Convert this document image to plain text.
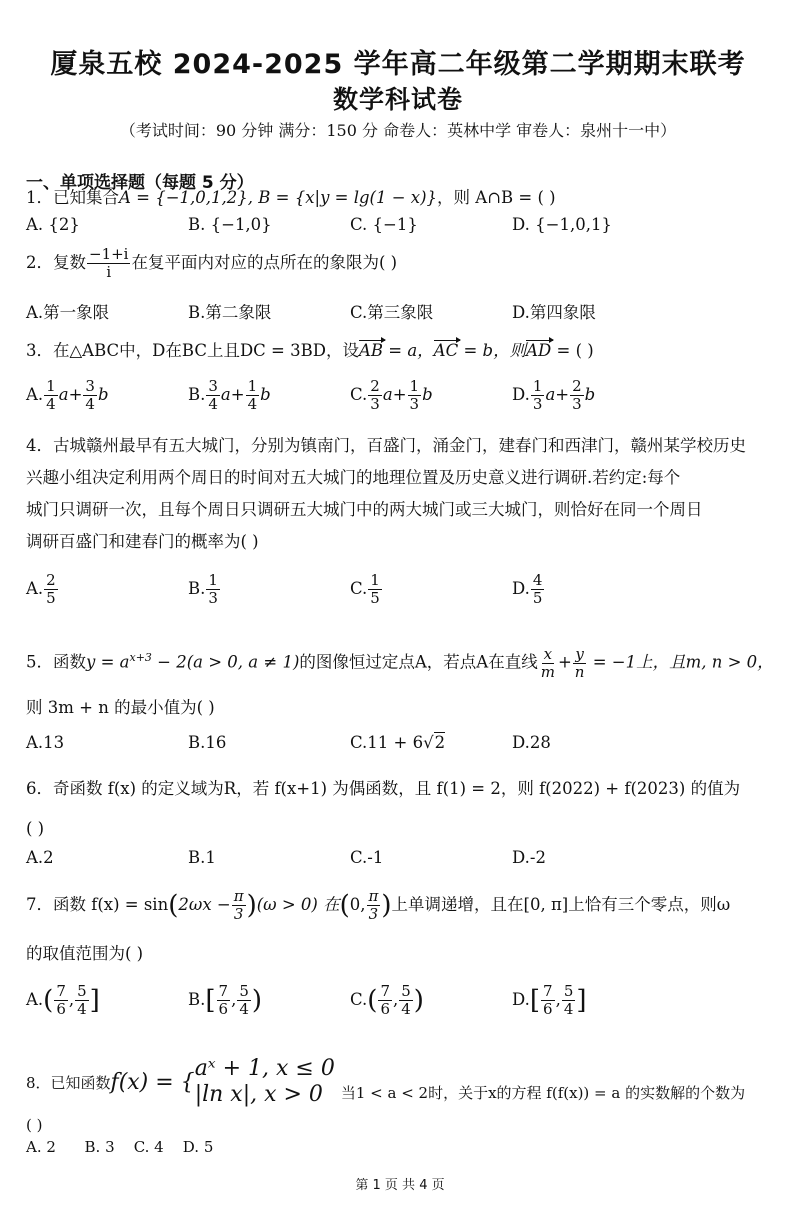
厦泉五校 2024-2025 学年高二年级第二学期期末联考
数学科试卷
（考试时间：90 分钟 满分：150 分 命卷人：英林中学 审卷人：泉州十一中）
一、单项选择题（每题 5 分）
1．已知集合A = {−1,0,1,2}, B = {x|y = lg(1 − x)}，则 A∩B = ( )
A. {2}	B. {−1,0}	C. {−1}	D. {−1,0,1}
2．复数 $\frac{-1+i}{i}$ 在复平面内对应的点所在的象限为( )
A.第一象限	B.第二象限	C.第三象限	D.第四象限
3．在△ABC中，D在BC上且DC = 3BD，设AB = a，AC = b，则AD = ( )
A. $\frac{1}{4} a+ \frac{3}{4}$ b	B. $\frac{3}{4} a+ \frac{1}{4}$ b	C. $\frac{2}{3} a+ \frac{1}{3}$ b	D. $\frac{1}{3} a+ \frac{2}{3}$ b
4．古城赣州最早有五大城门，分别为镇南门，百盛门，涌金门，建春门和西津门，赣州某学校历史
兴趣小组决定利用两个周日的时间对五大城门的地理位置及历史意义进行调研.若约定:每个
城门只调研一次，且每个周日只调研五大城门中的两大城门或三大城门，则恰好在同一个周日
调研百盛门和建春门的概率为( )
A. $\frac{2}{5}$	B. $\frac{1}{3}$	C. $\frac{1}{5}$	D. $\frac{4}{5}$
5．函数$y = a^{x+3} - 2(a > 0$, a ≠ 1)的图像恒过定点A，若点A在直线 $\frac{x}{m} + \frac{y}{n} = -1$上，且m, n > 0，
则 3m + n 的最小值为( )
A.13	B.16	C.11 + 6√2	D.28
6．奇函数 f(x) 的定义域为R，若 f(x+1) 为偶函数，且 f(1) = 2，则 f(2022) + f(2023) 的值为
( )
A.2	B.1	C.-1	D.-2
7．函数 $f(x) = \sin(2\omega x - \frac{\pi}{3} )(\omega > 0)$ 在(0, $\frac{\pi}{3}$ )上单调递增，且在[0, π]上恰有三个零点，则ω
的取值范围为( )
$A.( \frac{7}{6}$ , $\frac{5}{4}$ ]	$B.[ \frac{7}{6}$ , $\frac{5}{4}$ )	$C.( \frac{7}{6}$ , $\frac{5}{4}$ )	$D.[ \frac{7}{6}$ , $\frac{5}{4}$ ]
8．已知函数 f(x) = {
aˣ + 1, x ≤ 0
|ln x|, x > 0	当1 < a < 2时，关于x的方程 f(f(x)) = a 的实数解的个数为
( )
A. 2      B. 3    C. 4    D. 5
第 1 页 共 4 页
